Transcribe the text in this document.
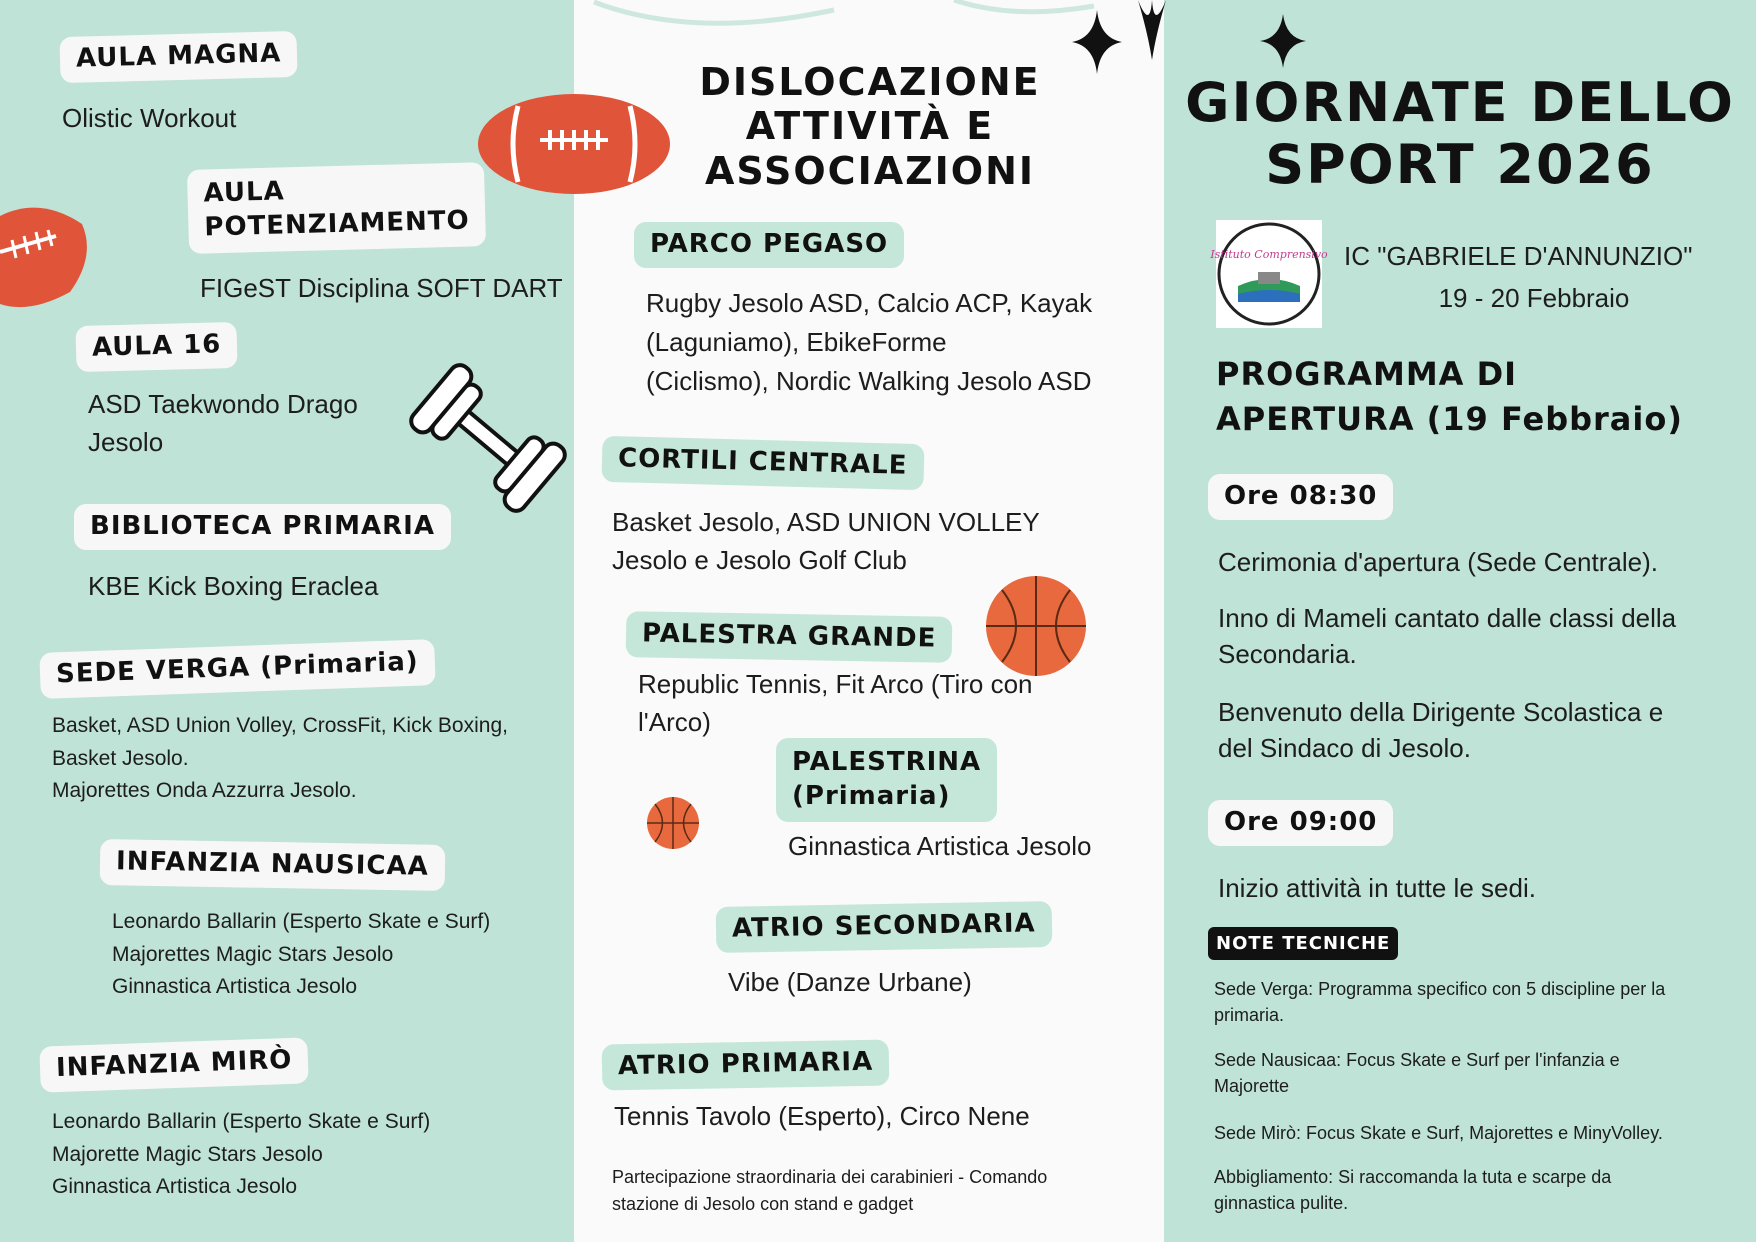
AULA MAGNA
Olistic Workout
AULA
POTENZIAMENTO
FIGeST Disciplina SOFT DART
AULA 16
ASD Taekwondo Drago
Jesolo
BIBLIOTECA PRIMARIA
KBE Kick Boxing Eraclea
SEDE VERGA (Primaria)
Basket, ASD Union Volley, CrossFit, Kick Boxing,
Basket Jesolo.
Majorettes Onda Azzurra Jesolo.
INFANZIA NAUSICAA
Leonardo Ballarin (Esperto Skate e Surf)
Majorettes Magic Stars Jesolo
Ginnastica Artistica Jesolo
INFANZIA MIRÒ
Leonardo Ballarin (Esperto Skate e Surf)
Majorette Magic Stars Jesolo
Ginnastica Artistica Jesolo
DISLOCAZIONE
ATTIVITÀ E
ASSOCIAZIONI
PARCO PEGASO
Rugby Jesolo ASD, Calcio ACP, Kayak
(Laguniamo), EbikeForme
(Ciclismo), Nordic Walking Jesolo ASD
CORTILI CENTRALE
Basket Jesolo, ASD UNION VOLLEY
Jesolo e Jesolo Golf Club
PALESTRA GRANDE
Republic Tennis, Fit Arco (Tiro con
l'Arco)
PALESTRINA
(Primaria)
Ginnastica Artistica Jesolo
ATRIO SECONDARIA
Vibe (Danze Urbane)
ATRIO PRIMARIA
Tennis Tavolo (Esperto), Circo Nene
Partecipazione straordinaria dei carabinieri - Comando
stazione di Jesolo con stand e gadget
GIORNATE DELLO
SPORT 2026
Istituto Comprensivo IC "GABRIELE D'ANNUNZIO"
19 - 20 Febbraio
PROGRAMMA DI
APERTURA (19 Febbraio)
Ore 08:30
Cerimonia d'apertura (Sede Centrale).
Inno di Mameli cantato dalle classi della
Secondaria.
Benvenuto della Dirigente Scolastica e
del Sindaco di Jesolo.
Ore 09:00
Inizio attività in tutte le sedi.
NOTE TECNICHE
Sede Verga: Programma specifico con 5 discipline per la
primaria.
Sede Nausicaa: Focus Skate e Surf per l'infanzia e
Majorette
Sede Mirò: Focus Skate e Surf, Majorettes e MinyVolley.
Abbigliamento: Si raccomanda la tuta e scarpe da
ginnastica pulite.
